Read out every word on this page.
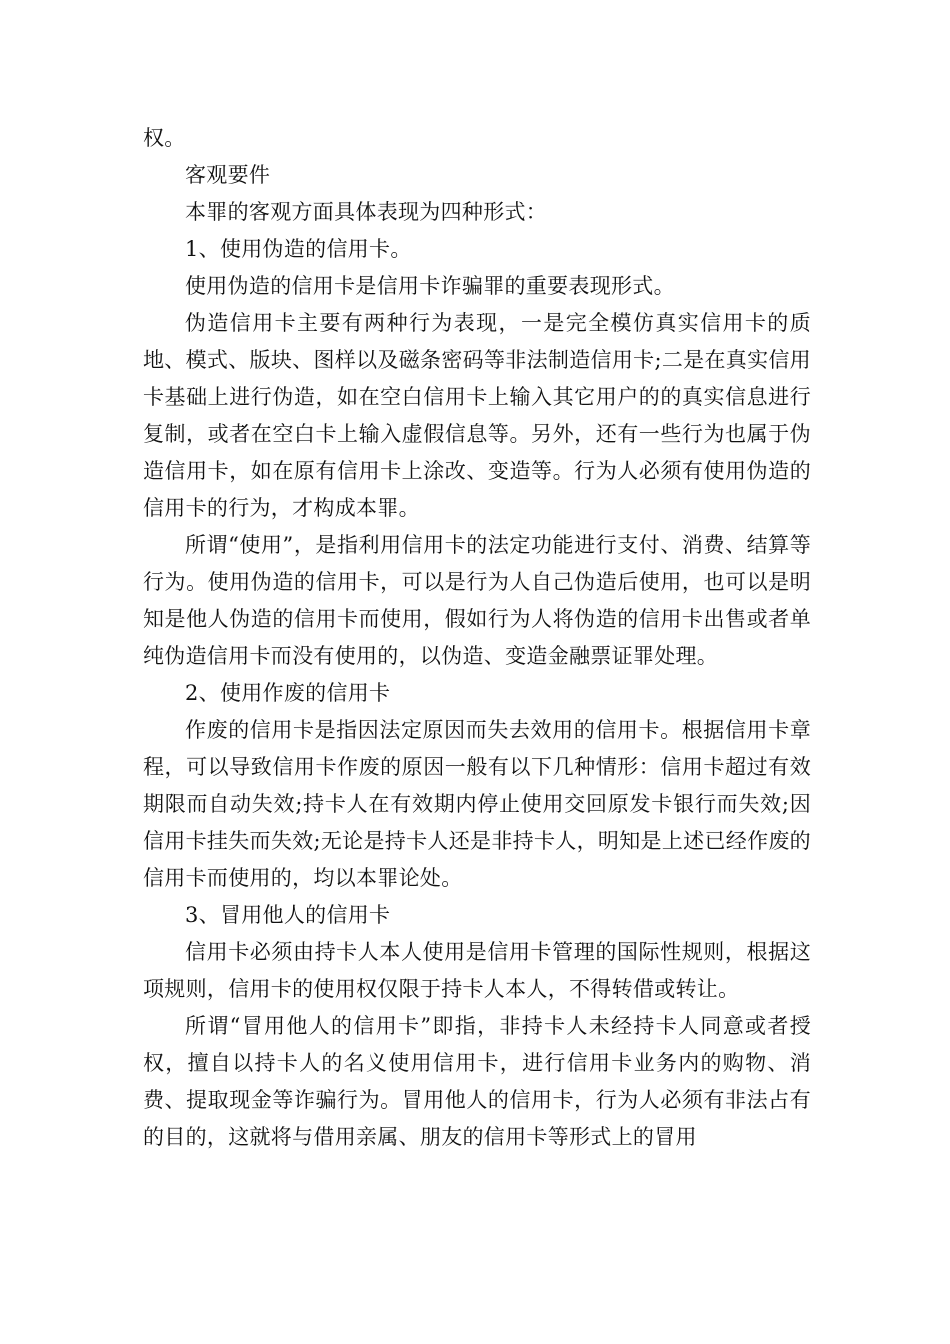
权。

客观要件

本罪的客观方面具体表现为四种形式：

1、使用伪造的信用卡。

使用伪造的信用卡是信用卡诈骗罪的重要表现形式。

伪造信用卡主要有两种行为表现，一是完全模仿真实信用卡的质地、模式、版块、图样以及磁条密码等非法制造信用卡;二是在真实信用卡基础上进行伪造，如在空白信用卡上输入其它用户的的真实信息进行复制，或者在空白卡上输入虚假信息等。另外，还有一些行为也属于伪造信用卡，如在原有信用卡上涂改、变造等。行为人必须有使用伪造的信用卡的行为，才构成本罪。

所谓“使用”，是指利用信用卡的法定功能进行支付、消费、结算等行为。使用伪造的信用卡，可以是行为人自己伪造后使用，也可以是明知是他人伪造的信用卡而使用，假如行为人将伪造的信用卡出售或者单纯伪造信用卡而没有使用的，以伪造、变造金融票证罪处理。

2、使用作废的信用卡

作废的信用卡是指因法定原因而失去效用的信用卡。根据信用卡章程，可以导致信用卡作废的原因一般有以下几种情形：信用卡超过有效期限而自动失效;持卡人在有效期内停止使用交回原发卡银行而失效;因信用卡挂失而失效;无论是持卡人还是非持卡人，明知是上述已经作废的信用卡而使用的，均以本罪论处。

3、冒用他人的信用卡

信用卡必须由持卡人本人使用是信用卡管理的国际性规则，根据这项规则，信用卡的使用权仅限于持卡人本人，不得转借或转让。

所谓“冒用他人的信用卡”即指，非持卡人未经持卡人同意或者授权，擅自以持卡人的名义使用信用卡，进行信用卡业务内的购物、消费、提取现金等诈骗行为。冒用他人的信用卡，行为人必须有非法占有的目的，这就将与借用亲属、朋友的信用卡等形式上的冒用
